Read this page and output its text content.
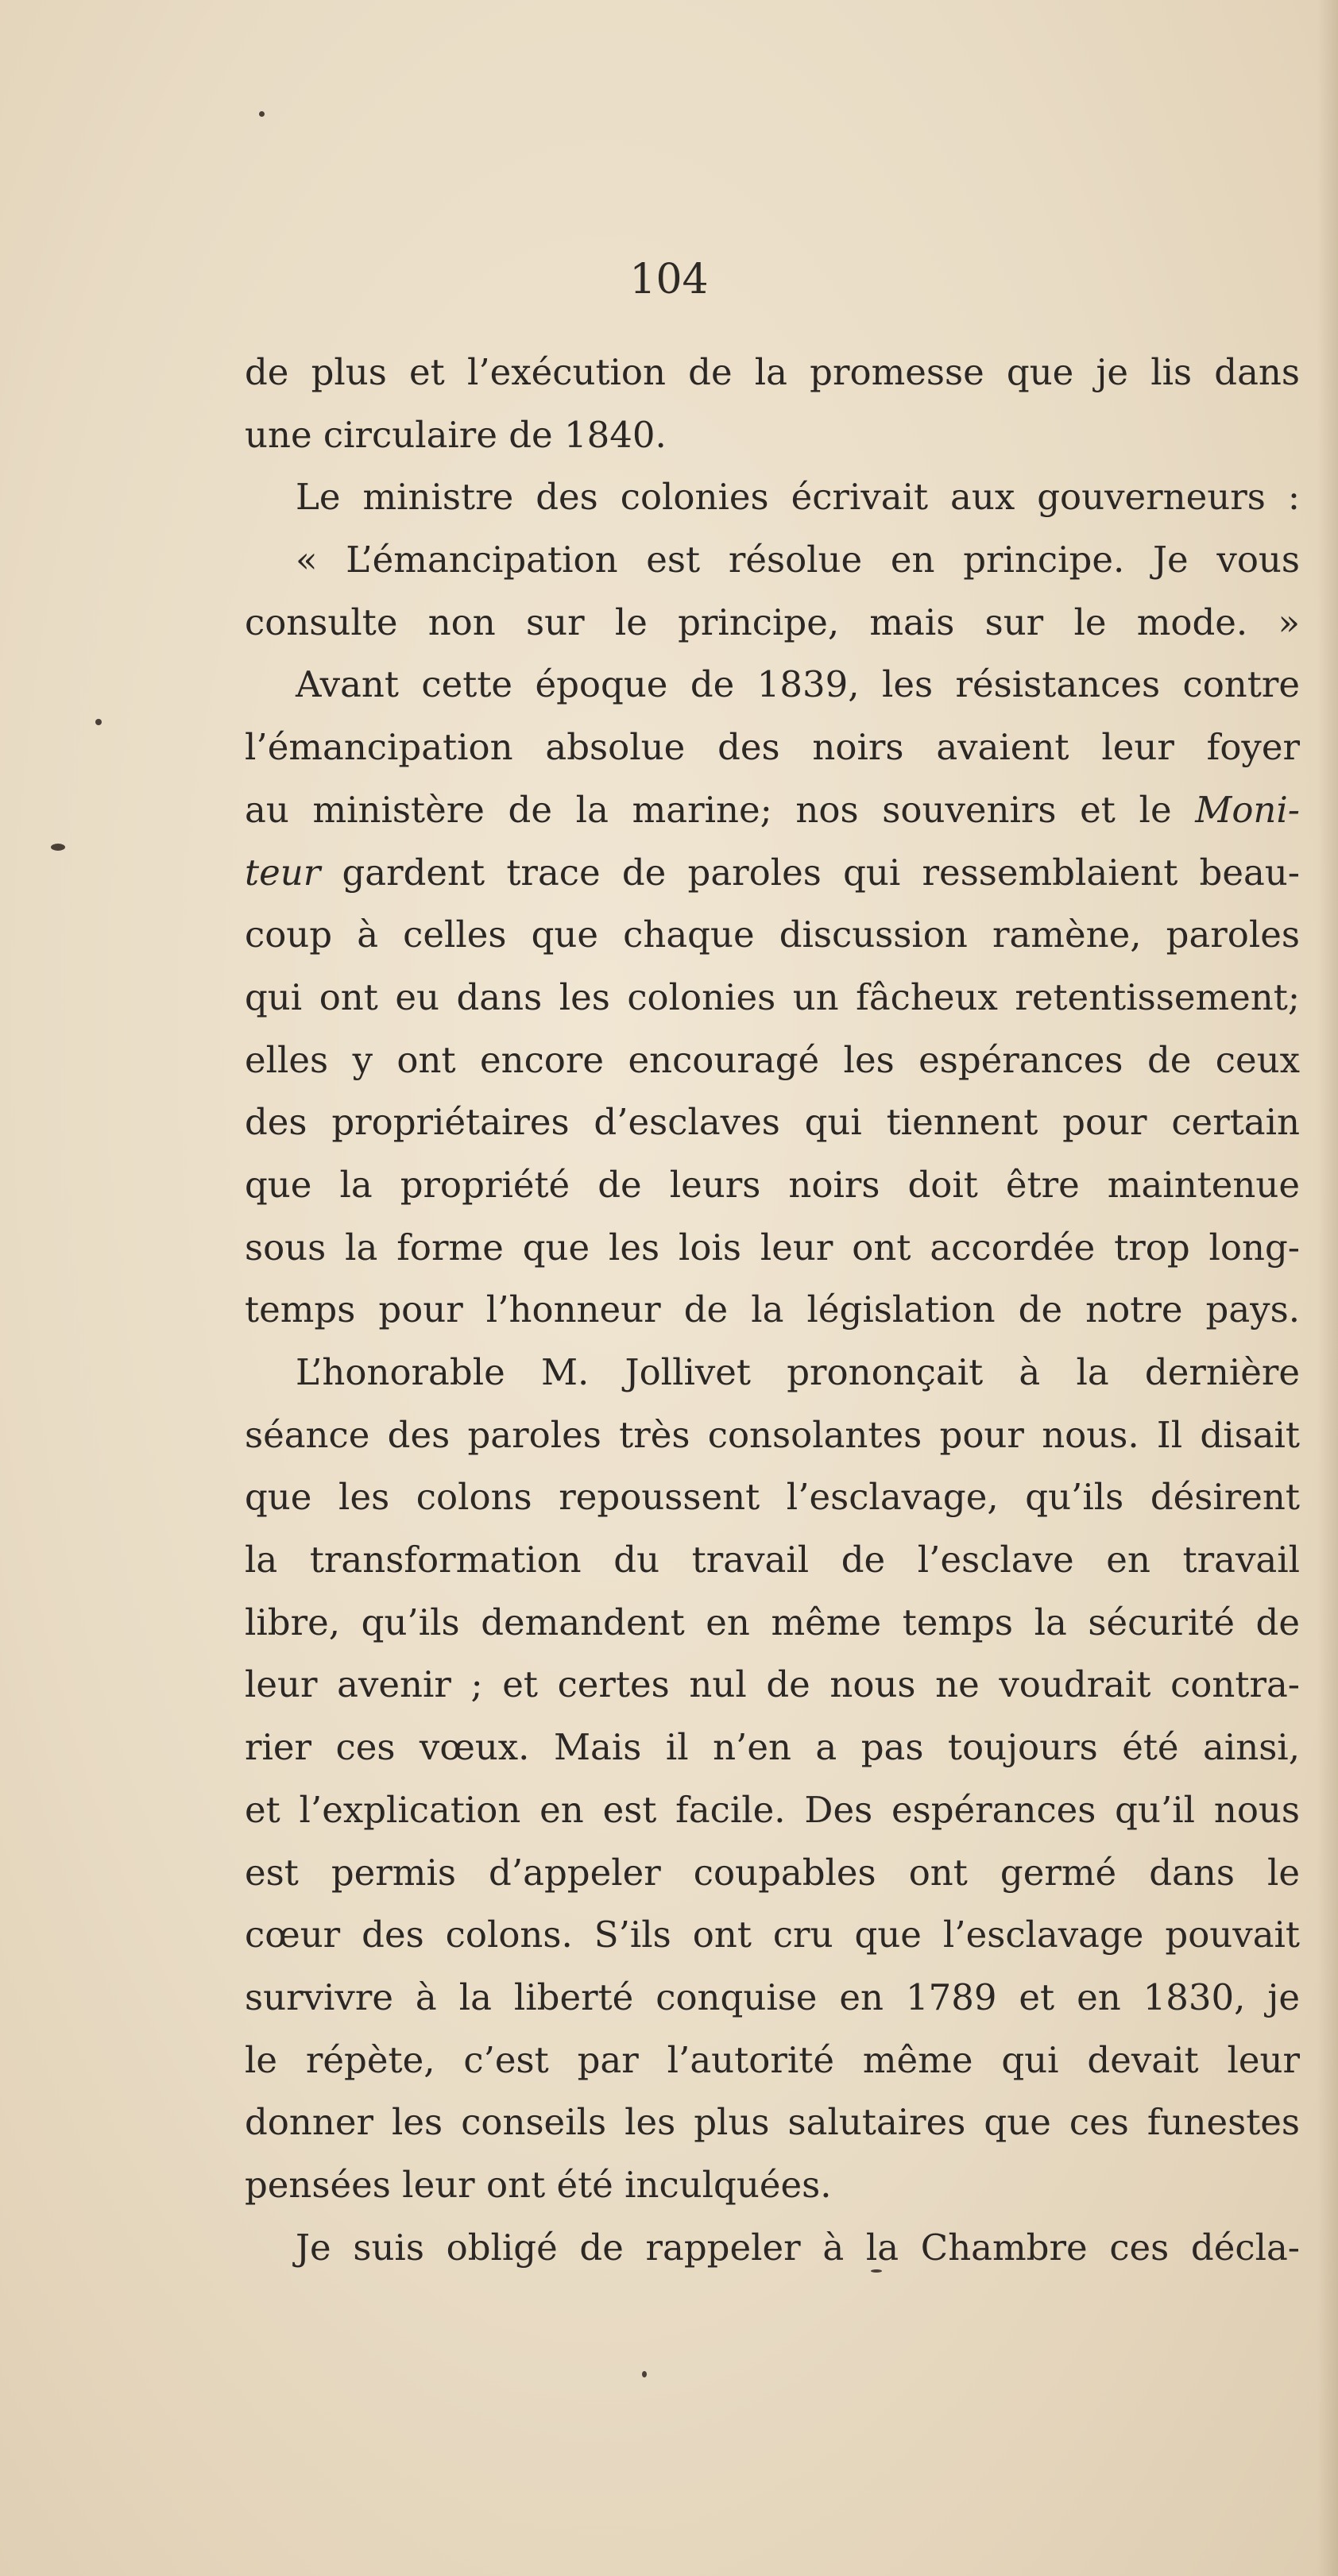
104
de plus et l’exécution de la promesse que je lis dans
une circulaire de 1840.
Le ministre des colonies écrivait aux gouverneurs :
« L’émancipation est résolue en principe. Je vous
consulte non sur le principe, mais sur le mode. »
Avant cette époque de 1839, les résistances contre
l’émancipation absolue des noirs avaient leur foyer
au ministère de la marine; nos souvenirs et le Moni-
teur gardent trace de paroles qui ressemblaient beau-
coup à celles que chaque discussion ramène, paroles
qui ont eu dans les colonies un fâcheux retentissement;
elles y ont encore encouragé les espérances de ceux
des propriétaires d’esclaves qui tiennent pour certain
que la propriété de leurs noirs doit être maintenue
sous la forme que les lois leur ont accordée trop long-
temps pour l’honneur de la législation de notre pays.
L’honorable M. Jollivet prononçait à la dernière
séance des paroles très consolantes pour nous. Il disait
que les colons repoussent l’esclavage, qu’ils désirent
la transformation du travail de l’esclave en travail
libre, qu’ils demandent en même temps la sécurité de
leur avenir ; et certes nul de nous ne voudrait contra-
rier ces vœux. Mais il n’en a pas toujours été ainsi,
et l’explication en est facile. Des espérances qu’il nous
est permis d’appeler coupables ont germé dans le
cœur des colons. S’ils ont cru que l’esclavage pouvait
survivre à la liberté conquise en 1789 et en 1830, je
le répète, c’est par l’autorité même qui devait leur
donner les conseils les plus salutaires que ces funestes
pensées leur ont été inculquées.
Je suis obligé de rappeler à la Chambre ces décla-
